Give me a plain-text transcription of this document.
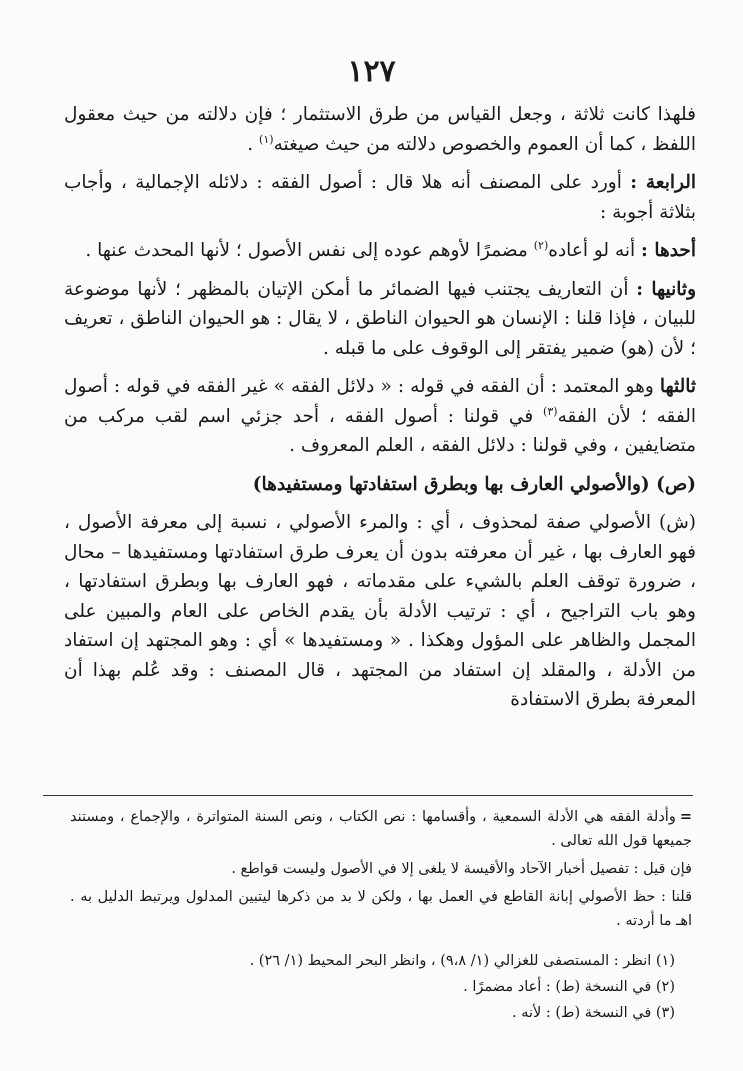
١٢٧

فلهذا كانت ثلاثة ، وجعل القياس من طرق الاستثمار ؛ فإن دلالته من حيث معقول اللفظ ، كما أن العموم والخصوص دلالته من حيث صيغته$^{(١)}$ .

الرابعة : أورد على المصنف أنه هلا قال : أصول الفقه : دلائله الإجمالية ، وأجاب بثلاثة أجوبة :

أحدها : أنه لو أعاده$^{(٢)}$ مضمرًا لأوهم عوده إلى نفس الأصول ؛ لأنها المحدث عنها .

وثانيها : أن التعاريف يجتنب فيها الضمائر ما أمكن الإتيان بالمظهر ؛ لأنها موضوعة للبيان ، فإذا قلنا : الإنسان هو الحيوان الناطق ، لا يقال : هو الحيوان الناطق ، تعريف ؛ لأن (هو) ضمير يفتقر إلى الوقوف على ما قبله .

ثالثها وهو المعتمد : أن الفقه في قوله : « دلائل الفقه » غير الفقه في قوله : أصول الفقه ؛ لأن الفقه$^{(٣)}$ في قولنا : أصول الفقه ، أحد جزئي اسم لقب مركب من متضايفين ، وفي قولنا : دلائل الفقه ، العلم المعروف .

(ص) (والأصولي العارف بها وبطرق استفادتها ومستفيدها)

(ش) الأصولي صفة لمحذوف ، أي : والمرء الأصولي ، نسبة إلى معرفة الأصول ، فهو العارف بها ، غير أن معرفته بدون أن يعرف طرق استفادتها ومستفيدها – محال ، ضرورة توقف العلم بالشيء على مقدماته ، فهو العارف بها وبطرق استفادتها ، وهو باب التراجيح ، أي : ترتيب الأدلة بأن يقدم الخاص على العام والمبين على المجمل والظاهر على المؤول وهكذا . « ومستفيدها » أي : وهو المجتهد إن استفاد من الأدلة ، والمقلد إن استفاد من المجتهد ، قال المصنف : وقد عُلم بهذا أن المعرفة بطرق الاستفادة

=وأدلة الفقه هي الأدلة السمعية ، وأقسامها : نص الكتاب ، ونص السنة المتواترة ، والإجماع ، ومستند جميعها قول الله تعالى .

فإن قيل : تفصيل أخبار الآحاد والأقيسة لا يلغى إلا في الأصول وليست قواطع .

قلنا : حظ الأصولي إبانة القاطع في العمل بها ، ولكن لا بد من ذكرها ليتبين المدلول ويرتبط الدليل به . اهـ ما أردته .

(١) انظر : المستصفى للغزالي (١/ ٩،٨) ، وانظر البحر المحيط (١/ ٢٦) .
(٢) في النسخة (ط) : أعاد مضمرًا .
(٣) في النسخة (ط) : لأنه .
